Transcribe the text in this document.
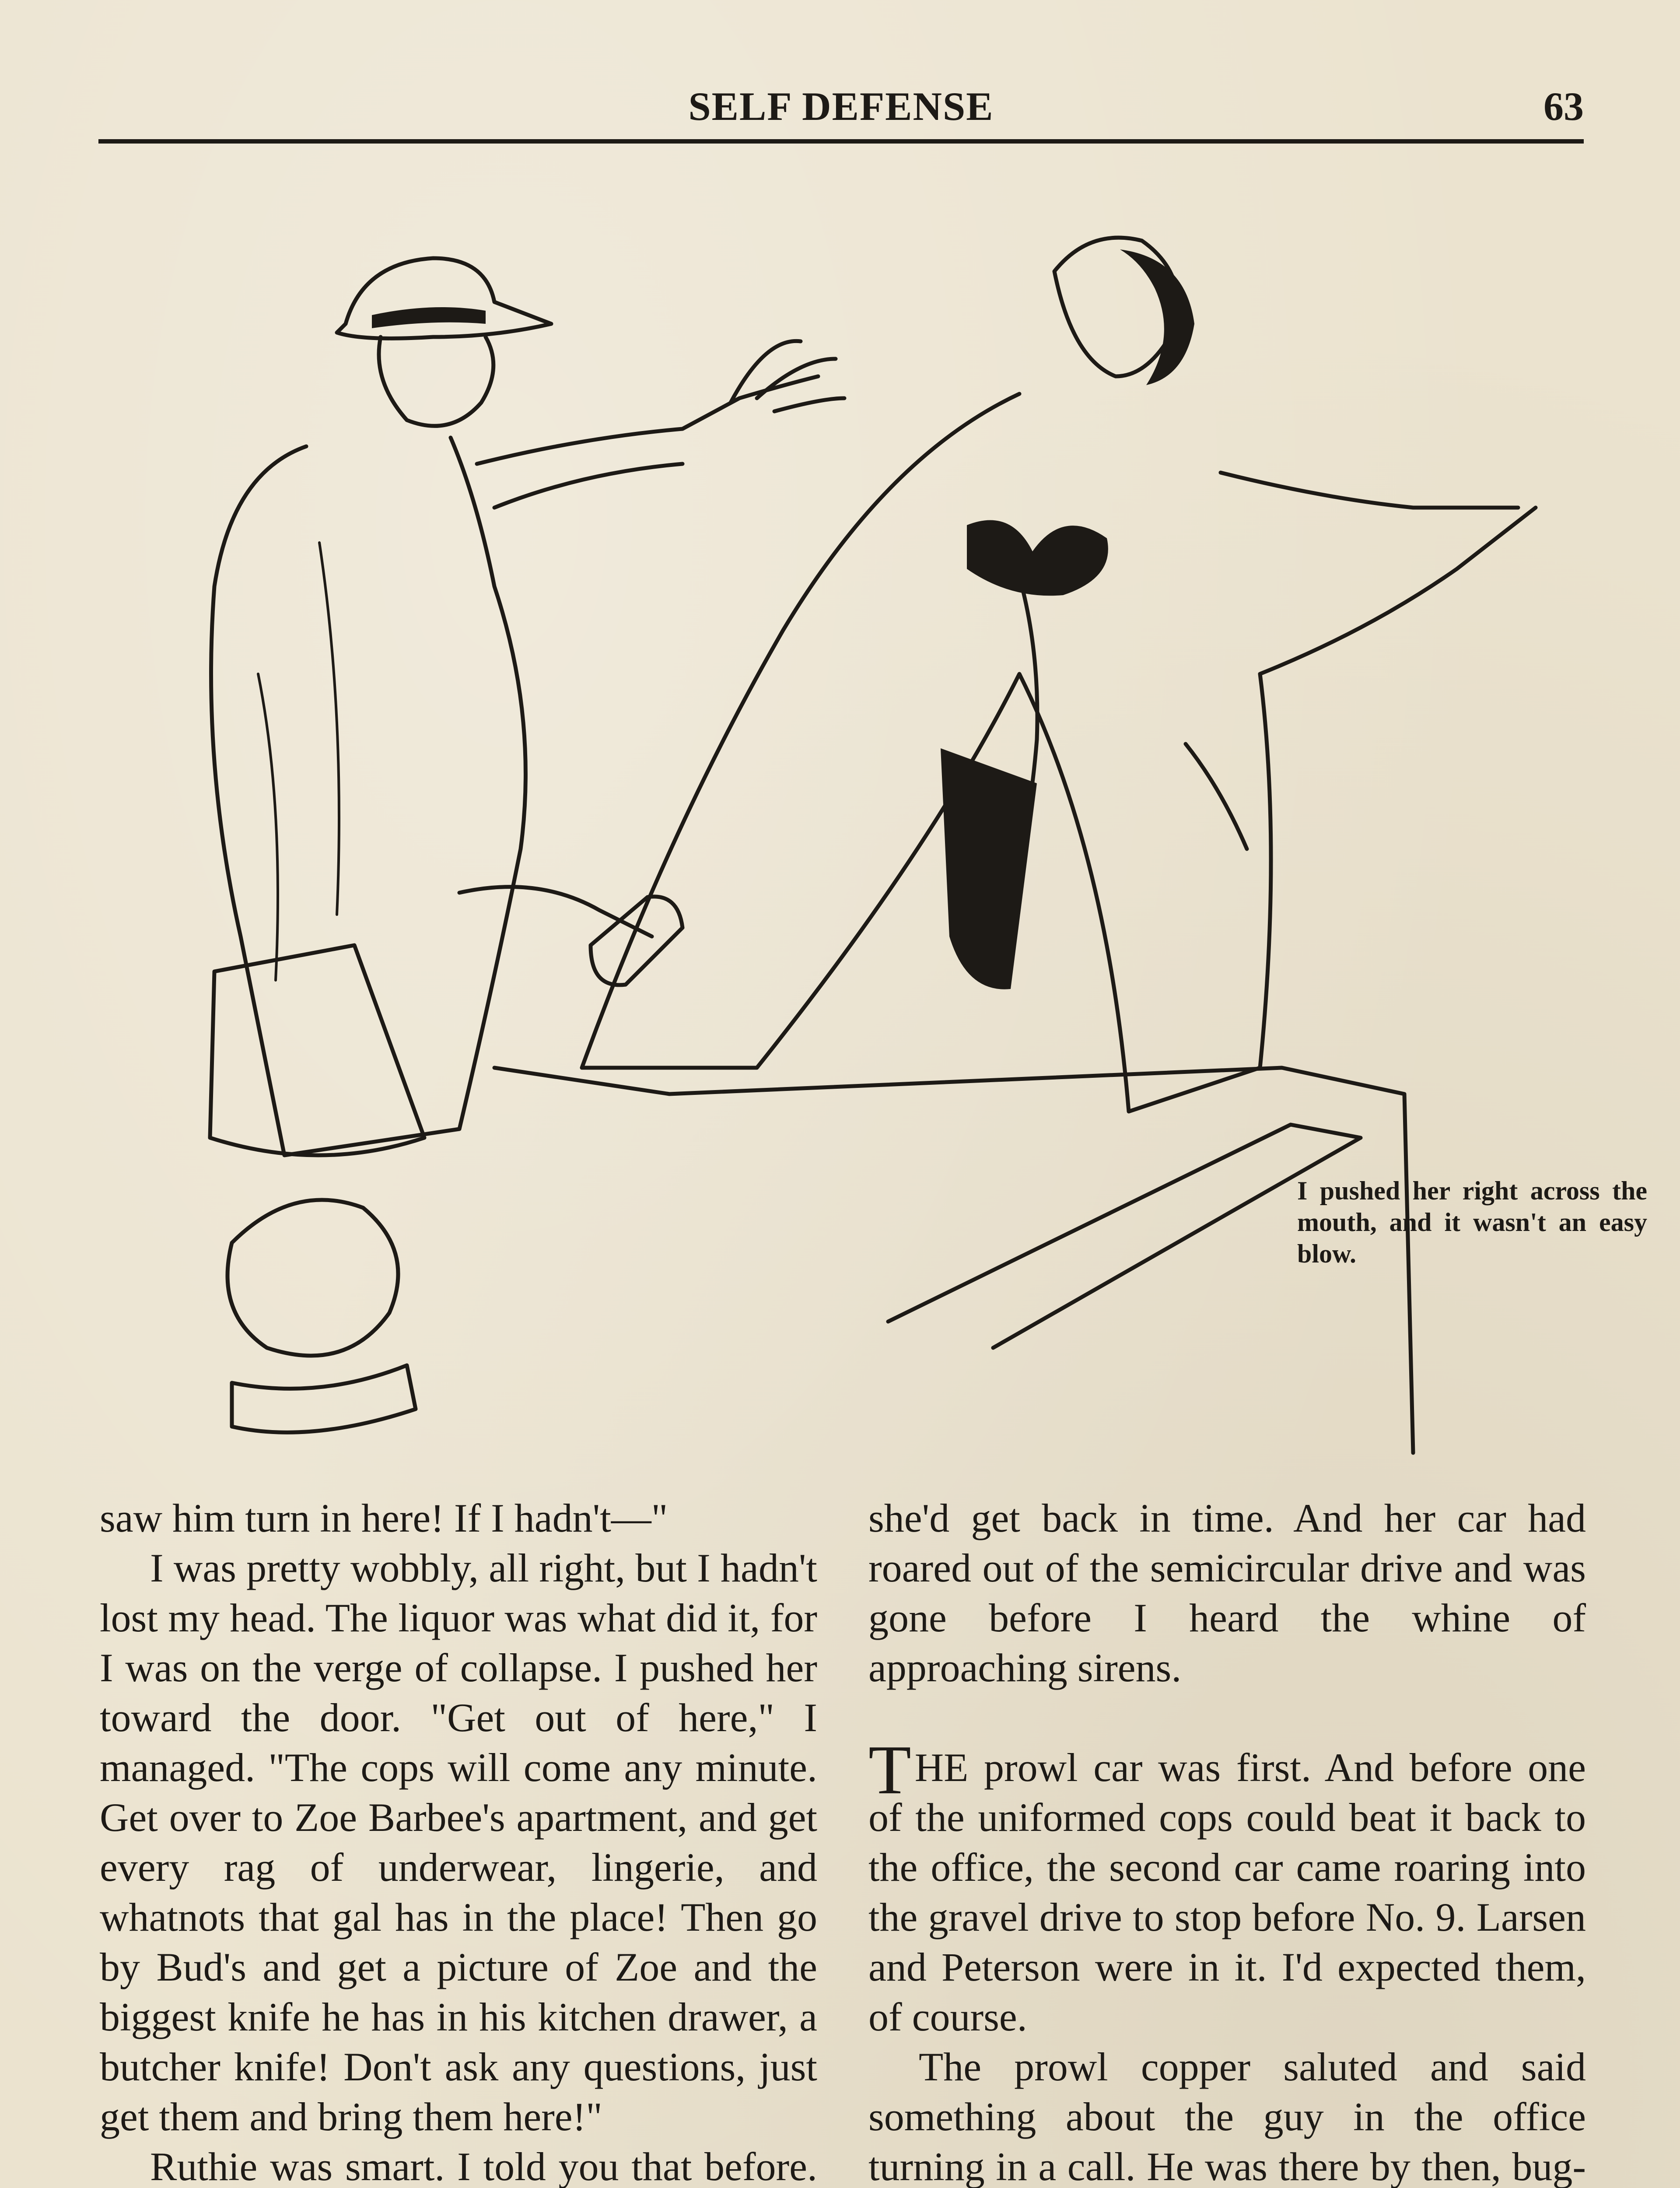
SELF DEFENSE	63
I pushed her right across the mouth, and it wasn't an easy blow.

saw him turn in here! If I hadn't—"

I was pretty wobbly, all right, but I hadn't lost my head. The liquor was what did it, for I was on the verge of collapse. I pushed her toward the door. "Get out of here," I managed. "The cops will come any minute. Get over to Zoe Barbee's apartment, and get every rag of underwear, lingerie, and whatnots that gal has in the place! Then go by Bud's and get a picture of Zoe and the biggest knife he has in his kitchen drawer, a butcher knife! Don't ask any questions, just get them and bring them here!"

Ruthie was smart. I told you that before.

she'd get back in time. And her car had roared out of the semicircular drive and was gone before I heard the whine of approaching sirens.

THE prowl car was first. And before one of the uniformed cops could beat it back to the office, the second car came roaring into the gravel drive to stop before No. 9. Larsen and Peterson were in it. I'd expected them, of course.

The prowl copper saluted and said something about the guy in the office turning in a call. He was there by then, bug-
